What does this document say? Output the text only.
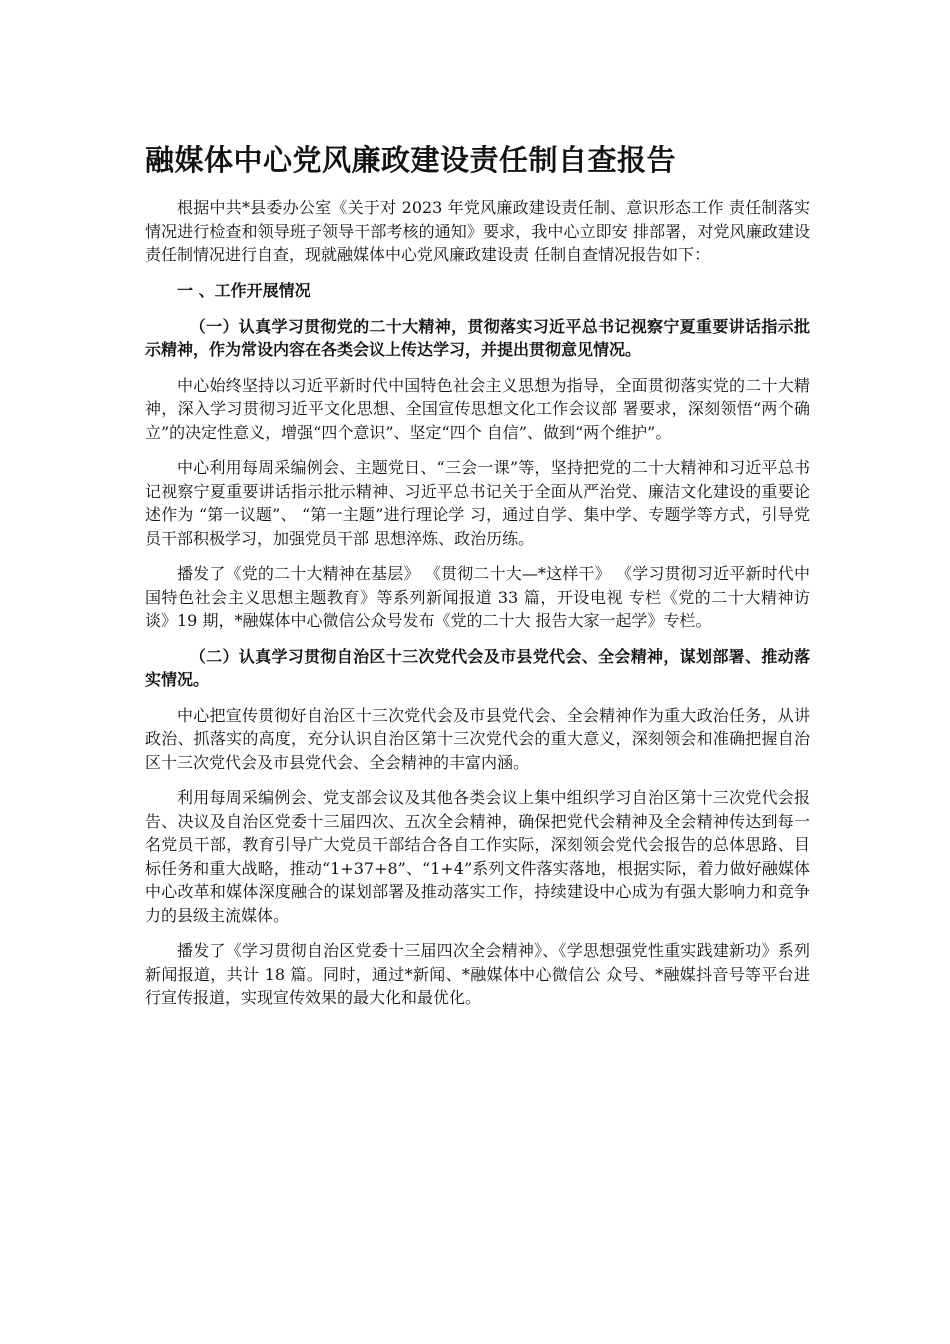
融媒体中心党风廉政建设责任制自查报告

根据中共*县委办公室《关于对 2023 年党风廉政建设责任制、意识形态工作 责任制落实情况进行检查和领导班子领导干部考核的通知》要求，我中心立即安 排部署，对党风廉政建设责任制情况进行自查，现就融媒体中心党风廉政建设责 任制自查情况报告如下：

一 、工作开展情况

（一）认真学习贯彻党的二十大精神，贯彻落实习近平总书记视察宁夏重要讲话指示批示精神，作为常设内容在各类会议上传达学习，并提出贯彻意见情况。

中心始终坚持以习近平新时代中国特色社会主义思想为指导，全面贯彻落实党的二十大精神，深入学习贯彻习近平文化思想、全国宣传思想文化工作会议部 署要求，深刻领悟“两个确立”的决定性意义，增强“四个意识”、坚定“四个 自信”、做到“两个维护”。

中心利用每周采编例会、主题党日、“三会一课”等，坚持把党的二十大精神和习近平总书记视察宁夏重要讲话指示批示精神、习近平总书记关于全面从严治党、廉洁文化建设的重要论述作为 “第一议题”、 “第一主题”进行理论学 习，通过自学、集中学、专题学等方式，引导党员干部积极学习，加强党员干部 思想淬炼、政治历练。

播发了《党的二十大精神在基层》 《贯彻二十大—*这样干》 《学习贯彻习近平新时代中国特色社会主义思想主题教育》等系列新闻报道 33 篇，开设电视 专栏《党的二十大精神访谈》19 期，*融媒体中心微信公众号发布《党的二十大 报告大家一起学》专栏。

（二）认真学习贯彻自治区十三次党代会及市县党代会、全会精神，谋划部署、推动落实情况。

中心把宣传贯彻好自治区十三次党代会及市县党代会、全会精神作为重大政治任务，从讲政治、抓落实的高度，充分认识自治区第十三次党代会的重大意义，深刻领会和准确把握自治区十三次党代会及市县党代会、全会精神的丰富内涵。

利用每周采编例会、党支部会议及其他各类会议上集中组织学习自治区第十三次党代会报告、决议及自治区党委十三届四次、五次全会精神，确保把党代会精神及全会精神传达到每一名党员干部，教育引导广大党员干部结合各自工作实际，深刻领会党代会报告的总体思路、目标任务和重大战略，推动“1+37+8”、“1+4”系列文件落实落地，根据实际，着力做好融媒体中心改革和媒体深度融合的谋划部署及推动落实工作，持续建设中心成为有强大影响力和竞争力的县级主流媒体。

播发了《学习贯彻自治区党委十三届四次全会精神》、《学思想强党性重实践建新功》系列新闻报道，共计 18 篇。同时，通过*新闻、*融媒体中心微信公 众号、*融媒抖音号等平台进行宣传报道，实现宣传效果的最大化和最优化。
